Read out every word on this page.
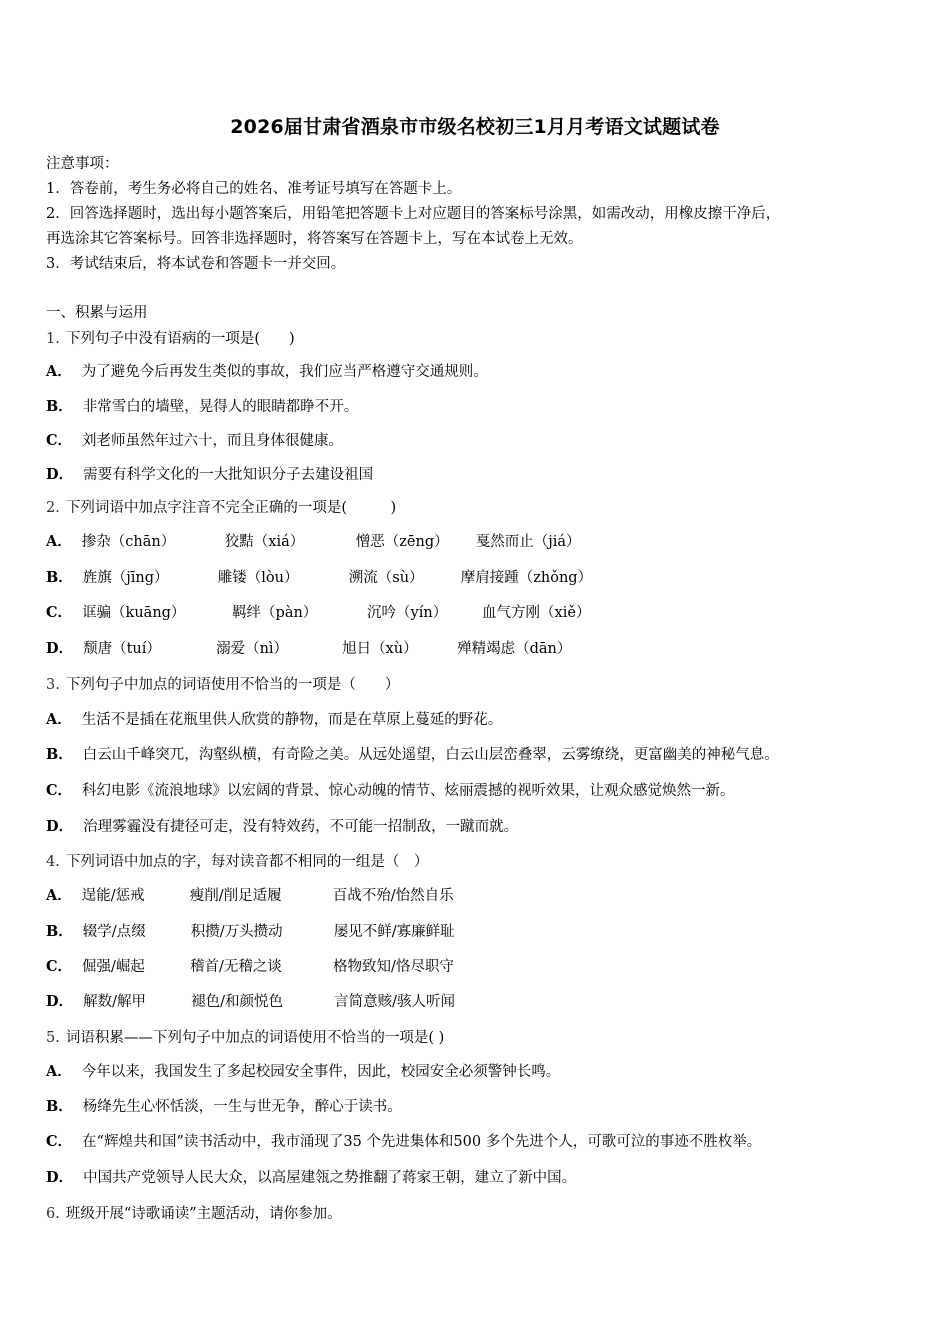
2026届甘肃省酒泉市市级名校初三1月月考语文试题试卷
注意事项：
1．答卷前，考生务必将自己的姓名、准考证号填写在答题卡上。
2．回答选择题时，选出每小题答案后，用铅笔把答题卡上对应题目的答案标号涂黑，如需改动，用橡皮擦干净后，
再选涂其它答案标号。回答非选择题时，将答案写在答题卡上，写在本试卷上无效。
3．考试结束后，将本试卷和答题卡一并交回。
一、积累与运用
1. 下列句子中没有语病的一项是(　　)
A． 为了避免今后再发生类似的事故，我们应当严格遵守交通规则。
B． 非常雪白的墙壁，晃得人的眼睛都睁不开。
C． 刘老师虽然年过六十，而且身体很健康。
D． 需要有科学文化的一大批知识分子去建设祖国
2. 下列词语中加点字注音不完全正确的一项是(　　　)
A． 掺杂（chān）	狡黠（xiá）	憎恶（zēng） 戛然而止（jiá）
B． 旌旗（jīng）	雕镂（lòu）	溯流（sù）	摩肩接踵（zhǒng）
C． 诓骗（kuāng）	羁绊（pàn）	沉吟（yín） 血气方刚（xiě）
D． 颓唐（tuí）	溺爱（nì）	旭日（xù）	殚精竭虑（dān）
3. 下列句子中加点的词语使用不恰当的一项是（　　）
A． 生活不是插在花瓶里供人欣赏的静物，而是在草原上蔓延的野花。
B． 白云山千峰突兀，沟壑纵横，有奇险之美。从远处遥望，白云山层峦叠翠，云雾缭绕，更富幽美的神秘气息。
C． 科幻电影《流浪地球》以宏阔的背景、惊心动魄的情节、炫丽震撼的视听效果，让观众感觉焕然一新。
D． 治理雾霾没有捷径可走，没有特效药，不可能一招制敌，一蹴而就。
4. 下列词语中加点的字，每对读音都不相同的一组是（　）
A． 逞能/惩戒	瘦削/削足适履	百战不殆/怡然自乐
B． 辍学/点缀	积攒/万头攒动	屡见不鲜/寡廉鲜耻
C． 倔强/崛起	稽首/无稽之谈	格物致知/恪尽职守
D． 解数/解甲	褪色/和颜悦色	言简意赅/骇人听闻
5. 词语积累——下列句子中加点的词语使用不恰当的一项是( )
A． 今年以来，我国发生了多起校园安全事件，因此，校园安全必须警钟长鸣。
B． 杨绛先生心怀恬淡，一生与世无争，醉心于读书。
C． 在“辉煌共和国”读书活动中，我市涌现了35 个先进集体和500 多个先进个人，可歌可泣的事迹不胜枚举。
D． 中国共产党领导人民大众，以高屋建瓴之势推翻了蒋家王朝，建立了新中国。
6. 班级开展“诗歌诵读”主题活动，请你参加。
